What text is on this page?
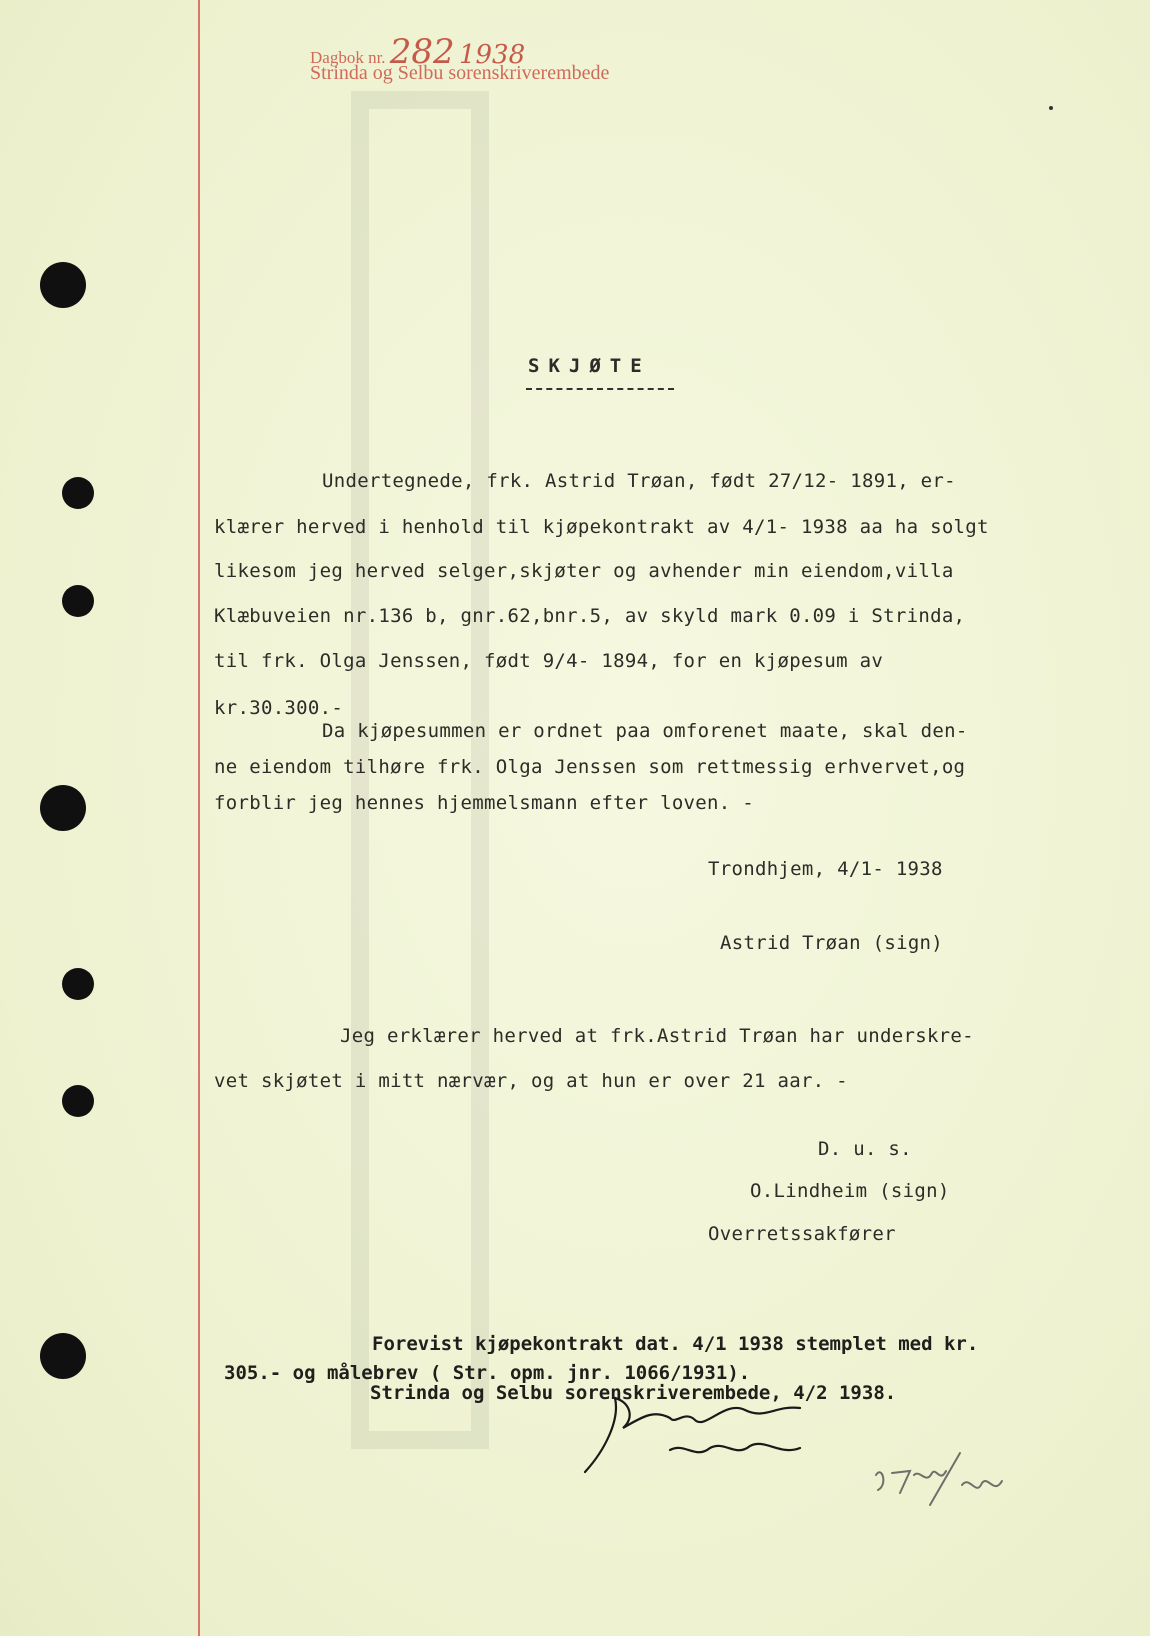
Dagbok nr. 282 1938
Strinda og Selbu sorenskriverembede
SKJØTE
Undertegnede, frk. Astrid Trøan, født 27/12- 1891, er-
klærer herved i henhold til kjøpekontrakt av 4/1- 1938 aa ha solgt
likesom jeg herved selger,skjøter og avhender min eiendom,villa
Klæbuveien nr.136 b, gnr.62,bnr.5, av skyld mark 0.09 i Strinda,
til frk. Olga Jenssen, født 9/4- 1894, for en kjøpesum av
kr.30.300.-
Da kjøpesummen er ordnet paa omforenet maate, skal den-
ne eiendom tilhøre frk. Olga Jenssen som rettmessig erhvervet,og
forblir jeg hennes hjemmelsmann efter loven. -
Trondhjem, 4/1- 1938
Astrid Trøan (sign)
Jeg erklærer herved at frk.Astrid Trøan har underskre-
vet skjøtet i mitt nærvær, og at hun er over 21 aar. -
D. u. s.
O.Lindheim (sign)
Overretssakfører
Forevist kjøpekontrakt dat. 4/1 1938 stemplet med kr.
305.- og målebrev ( Str. opm. jnr. 1066/1931).
Strinda og Selbu sorenskriverembede, 4/2 1938.
